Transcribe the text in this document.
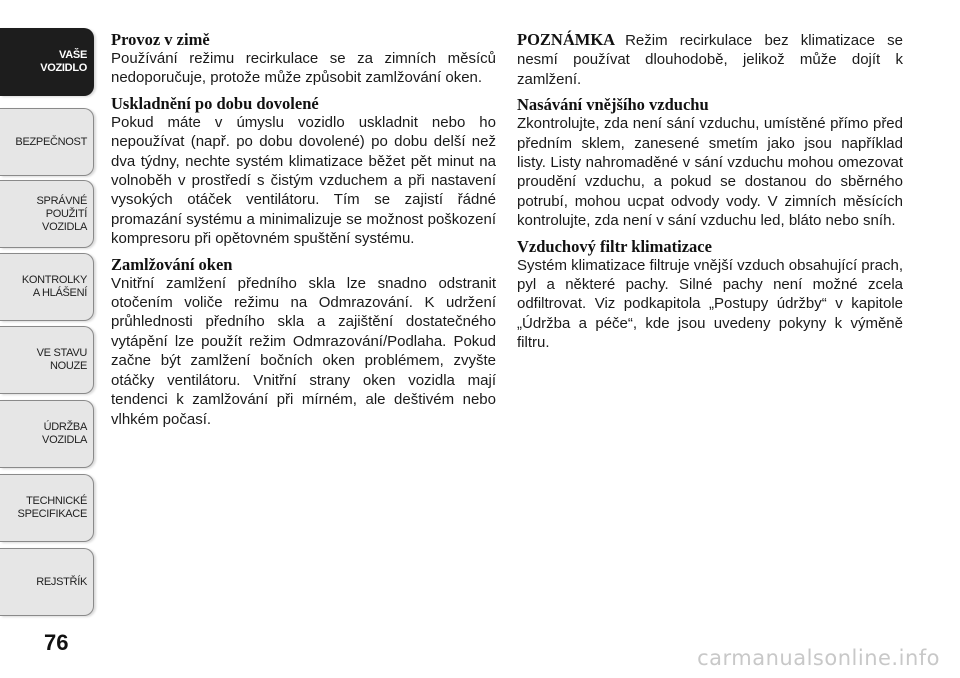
VAŠE
VOZIDLO
BEZPEČNOST
SPRÁVNÉ
POUŽITÍ
VOZIDLA
KONTROLKY
A HLÁŠENÍ
VE STAVU
NOUZE
ÚDRŽBA
VOZIDLA
TECHNICKÉ
SPECIFIKACE
REJSTŘÍK
76
Provoz v zimě

Používání režimu recirkulace se za zimních měsíců nedoporučuje, protože může způsobit zamlžování oken.

Uskladnění po dobu dovolené

Pokud máte v úmyslu vozidlo uskladnit nebo ho nepoužívat (např. po dobu dovolené) po dobu delší než dva týdny, nechte systém klimatizace běžet pět minut na volnoběh v prostředí s čistým vzduchem a při nastavení vysokých otáček ventilátoru. Tím se zajistí řádné promazání systému a minimalizuje se možnost poškození kompresoru při opětovném spuštění systému.

Zamlžování oken

Vnitřní zamlžení předního skla lze snadno odstranit otočením voliče režimu na Odmrazování. K udržení průhlednosti předního skla a zajištění dostatečného vytápění lze použít režim Odmrazování/Podlaha. Pokud začne být zamlžení bočních oken problémem, zvyšte otáčky ventilátoru. Vnitřní strany oken vozidla mají tendenci k zamlžování při mírném, ale deštivém nebo vlhkém počasí.

POZNÁMKA Režim recirkulace bez klimatizace se nesmí používat dlouhodobě, jelikož může dojít k zamlžení.

Nasávání vnějšího vzduchu

Zkontrolujte, zda není sání vzduchu, umístěné přímo před předním sklem, zanesené smetím jako jsou například listy. Listy nahromaděné v sání vzduchu mohou omezovat proudění vzduchu, a pokud se dostanou do sběrného potrubí, mohou ucpat odvody vody. V zimních měsících kontrolujte, zda není v sání vzduchu led, bláto nebo sníh.

Vzduchový filtr klimatizace

Systém klimatizace filtruje vnější vzduch obsahující prach, pyl a některé pachy. Silné pachy není možné zcela odfiltrovat. Viz podkapitola „Postupy údržby“ v kapitole „Údržba a péče“, kde jsou uvedeny pokyny k výměně filtru.

carmanualsonline.info
